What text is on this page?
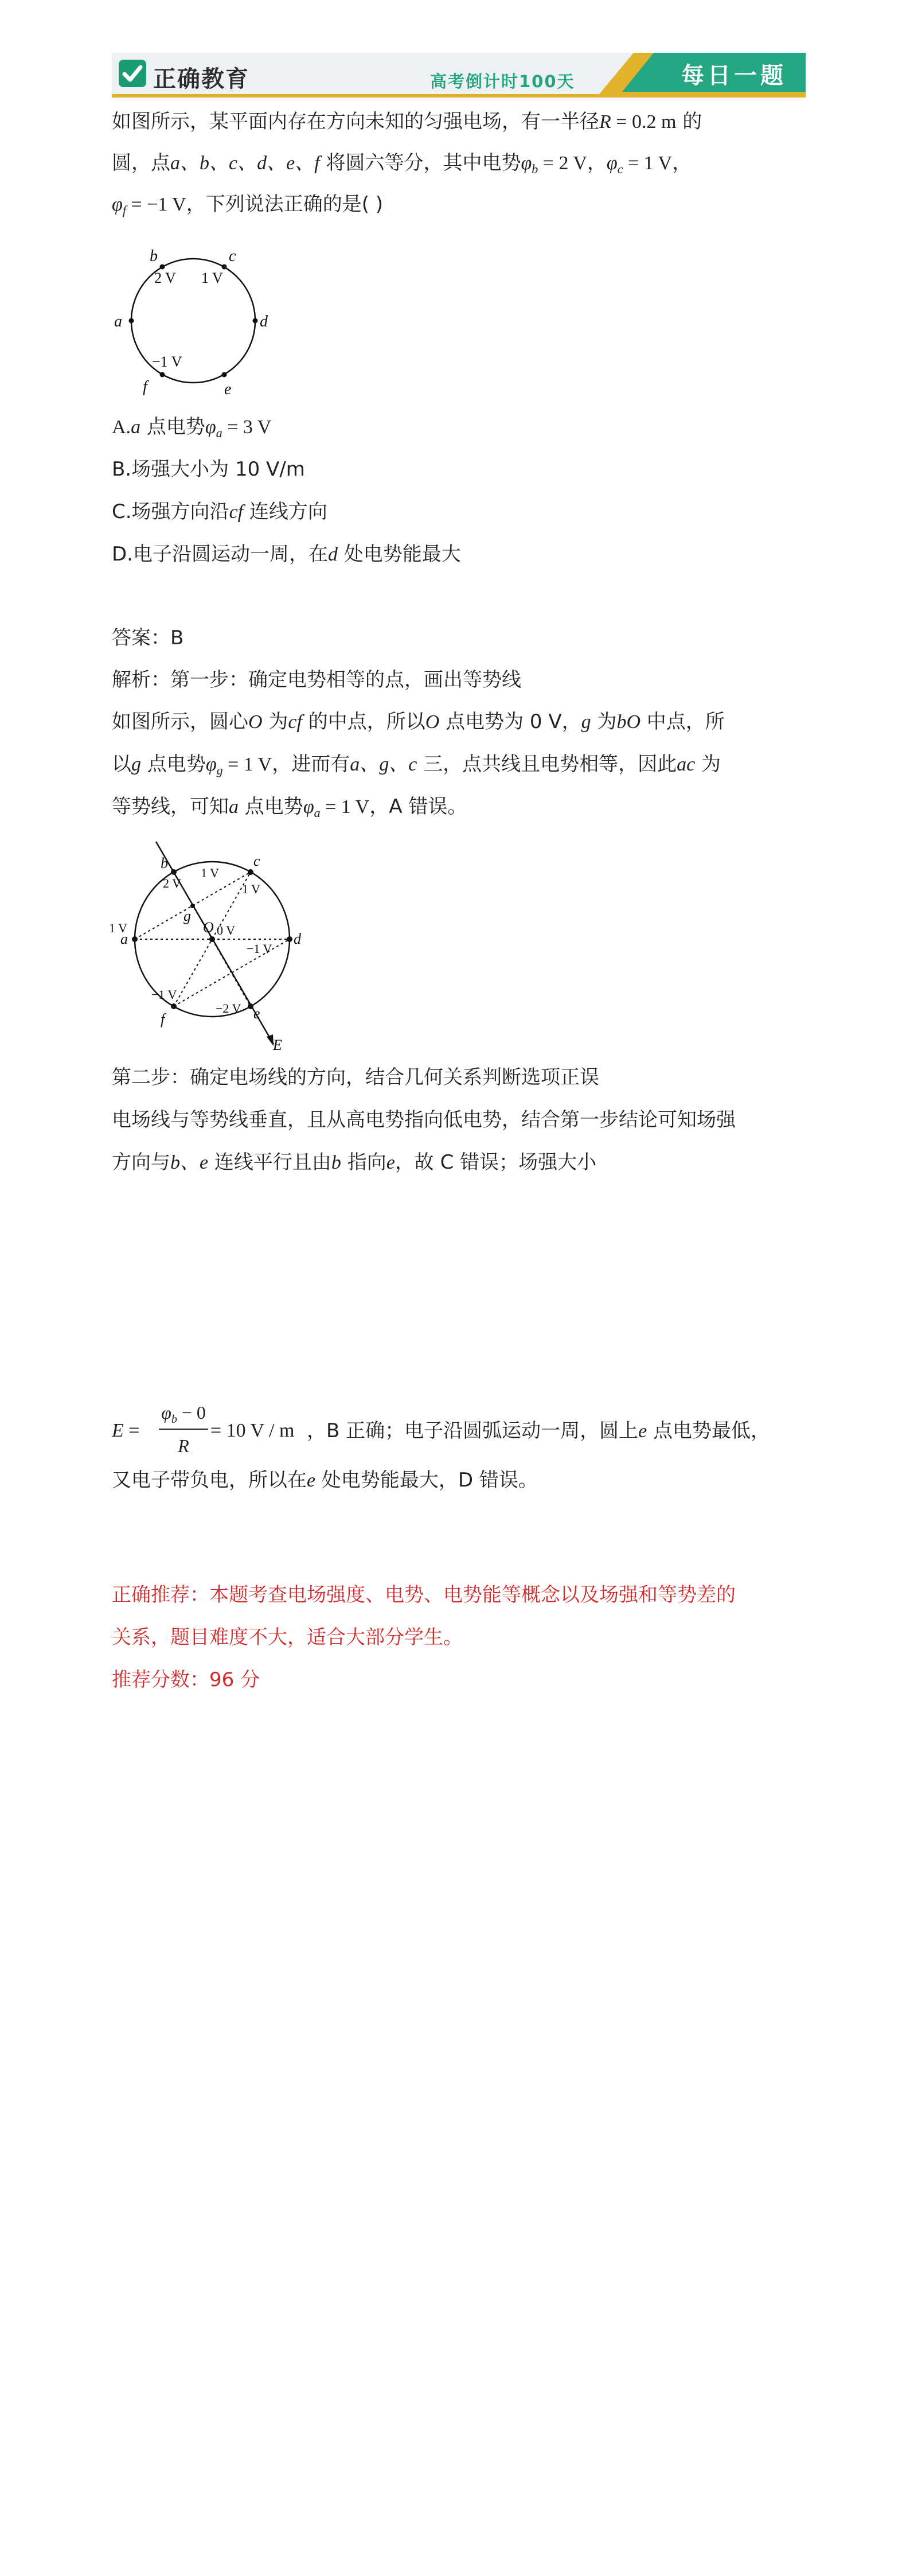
正确教育	高考倒计时100天	每日一题
如图所示，某平面内存在方向未知的匀强电场，有一半径R = 0.2 m 的
圆，点a、b、c、d、e、f 将圆六等分，其中电势$\varphi_b = 2$ V，$\varphi_c = 1$ V，
$\varphi_f = -1$ V，下列说法正确的是( )
b	c
a	d
f	e
2 V 1 V
−1 V
A.a 点电势$\varphi_a = 3$ V
B.场强大小为 10 V/m
C.场强方向沿cf 连线方向
D.电子沿圆运动一周，在d 处电势能最大
答案：B
解析：第一步：确定电势相等的点，画出等势线
如图所示，圆心O 为cf 的中点，所以O 点电势为 0 V，g 为bO 中点，所
以g 点电势$\varphi_g = 1$ V，进而有a、g、c 三，点共线且电势相等，因此ac 为
等势线，可知a 点电势$\varphi_a = 1$ V，A 错误。
b	c
a	d
f	e
O
g
E
1 V
2 V
1 V
1 V
0 V
−1 V
−1 V
−2 V
第二步：确定电场线的方向，结合几何关系判断选项正误
电场线与等势线垂直，且从高电势指向低电势，结合第一步结论可知场强
方向与b、e 连线平行且由b 指向e，故 C 错误；场强大小
E =
$\varphi_b - 0$
R
= 10 V / m ，B 正确；电子沿圆弧运动一周，圆上e 点电势最低，
又电子带负电，所以在e 处电势能最大，D 错误。
正确推荐：本题考查电场强度、电势、电势能等概念以及场强和等势差的
关系，题目难度不大，适合大部分学生。
推荐分数：96 分
